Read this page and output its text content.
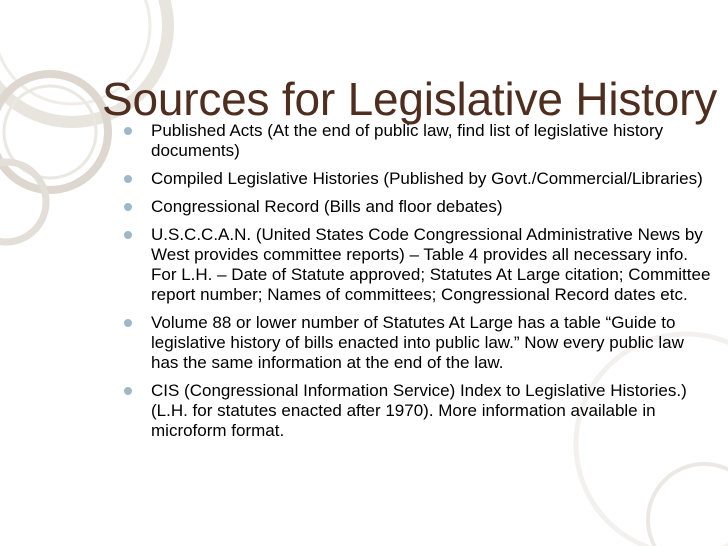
Sources for Legislative History
Published Acts (At the end of public law, find list of legislative history documents)
Compiled Legislative Histories (Published by Govt./Commercial/Libraries)
Congressional Record (Bills and floor debates)
U.S.C.C.A.N. (United States Code Congressional Administrative News by West provides committee reports) – Table 4 provides all necessary info. For L.H. – Date of Statute approved; Statutes At Large citation; Committee report number; Names of committees; Congressional Record dates etc.
Volume 88 or lower number of Statutes At Large has a table “Guide to legislative history of bills enacted into public law.” Now every public law has the same information at the end of the law.
CIS (Congressional Information Service) Index to Legislative Histories.) (L.H. for statutes enacted after 1970). More information available in microform format.
